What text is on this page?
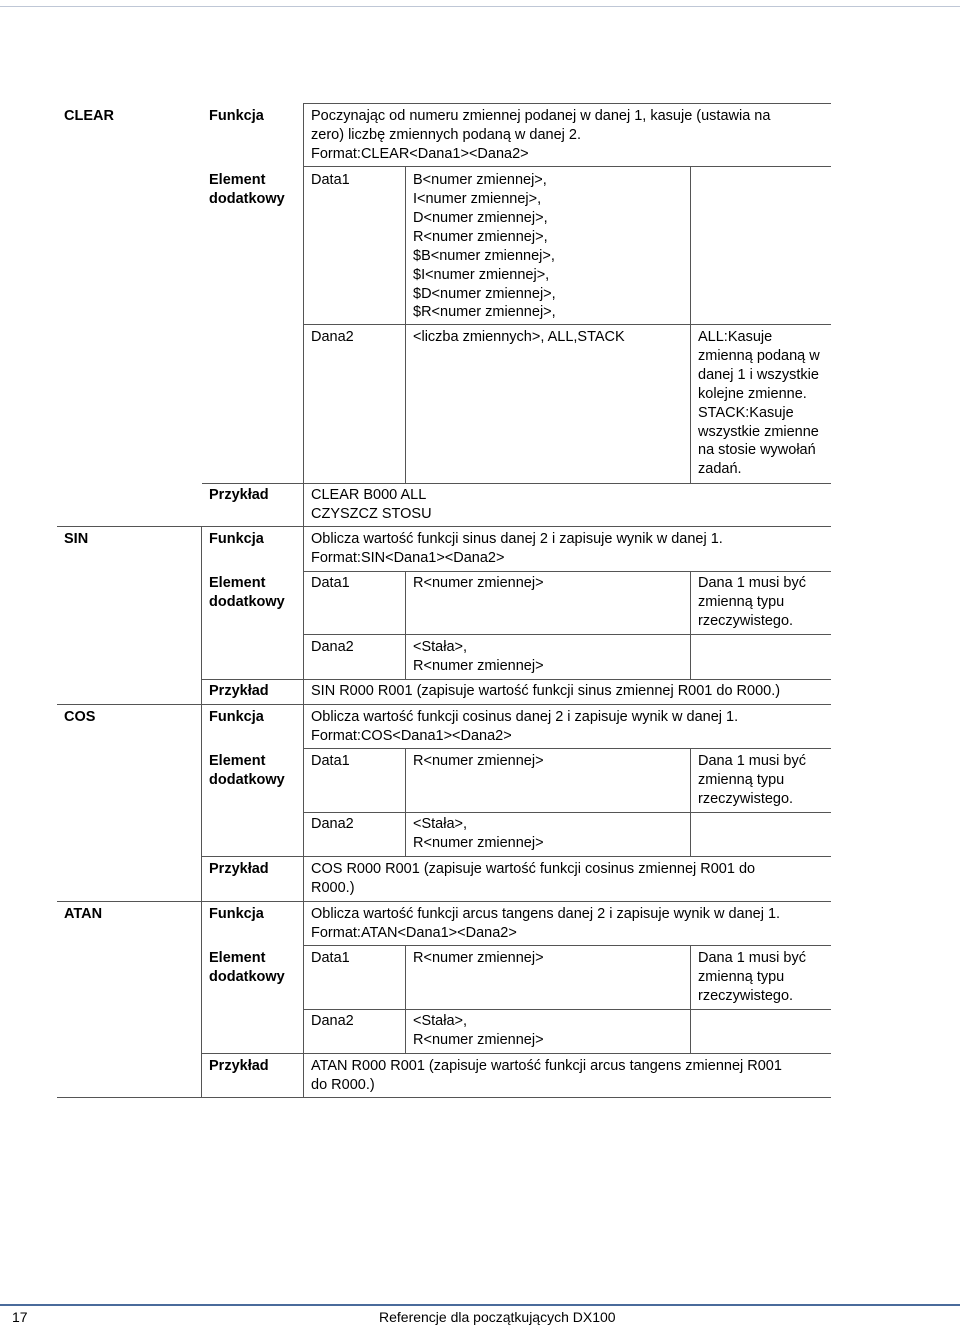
CLEAR	Funkcja	Poczynając od numeru zmiennej podanej w danej 1, kasuje (ustawia na
zero) liczbę zmiennych podaną w danej 2.
Format:CLEAR<Dana1><Dana2>
Element
dodatkowy
Data1	B<numer zmiennej>,
I<numer zmiennej>,
D<numer zmiennej>,
R<numer zmiennej>,
$B<numer zmiennej>,
$I<numer zmiennej>,
$D<numer zmiennej>,
$R<numer zmiennej>,
Dana2	<liczba zmiennych>, ALL,STACK	ALL:Kasuje
zmienną podaną w
danej 1 i wszystkie
kolejne zmienne.
STACK:Kasuje
wszystkie zmienne
na stosie wywołań
zadań.
Przykład	CLEAR B000 ALL
CZYSZCZ STOSU
SIN	Funkcja	Oblicza wartość funkcji sinus danej 2 i zapisuje wynik w danej 1.
Format:SIN<Dana1><Dana2>
Element
dodatkowy
Data1	R<numer zmiennej>	Dana 1 musi być
zmienną typu
rzeczywistego.
Dana2	<Stała>,
R<numer zmiennej>
Przykład	SIN R000 R001 (zapisuje wartość funkcji sinus zmiennej R001 do R000.)
COS	Funkcja	Oblicza wartość funkcji cosinus danej 2 i zapisuje wynik w danej 1.
Format:COS<Dana1><Dana2>
Element
dodatkowy
Data1	R<numer zmiennej>	Dana 1 musi być
zmienną typu
rzeczywistego.
Dana2	<Stała>,
R<numer zmiennej>
Przykład	COS R000 R001 (zapisuje wartość funkcji cosinus zmiennej R001 do
R000.)
ATAN	Funkcja	Oblicza wartość funkcji arcus tangens danej 2 i zapisuje wynik w danej 1.
Format:ATAN<Dana1><Dana2>
Element
dodatkowy
Data1	R<numer zmiennej>	Dana 1 musi być
zmienną typu
rzeczywistego.
Dana2	<Stała>,
R<numer zmiennej>
Przykład	ATAN R000 R001 (zapisuje wartość funkcji arcus tangens zmiennej R001
do R000.)
17	Referencje dla początkujących DX100
